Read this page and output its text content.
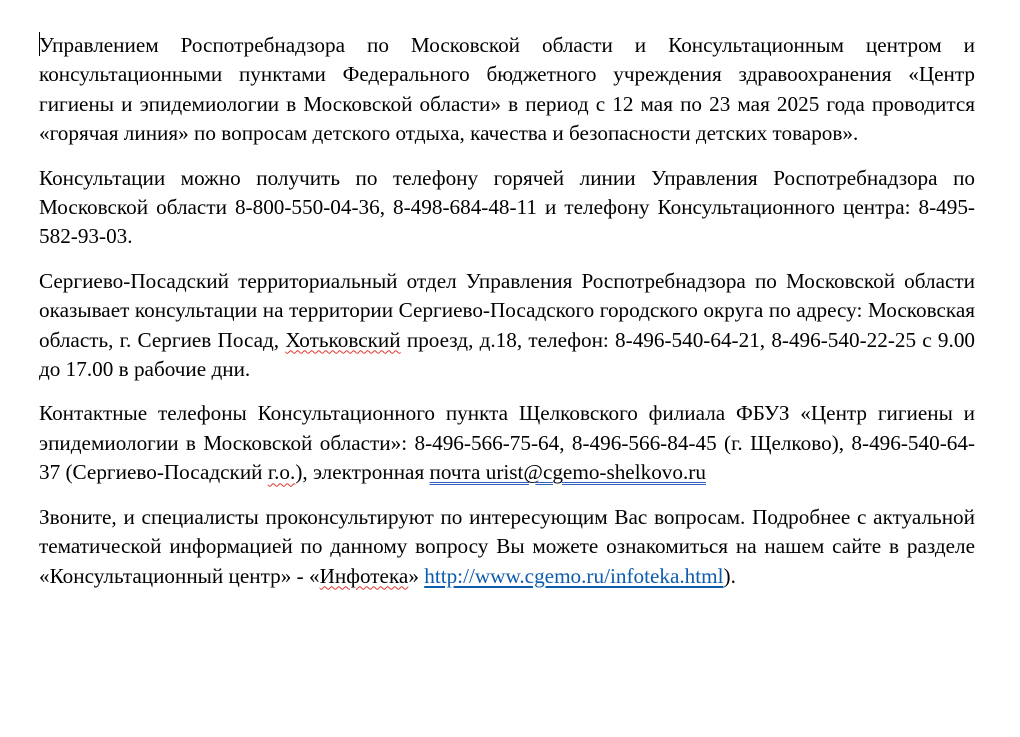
Управлением Роспотребнадзора по Московской области и Консультационным центром и консультационными пунктами Федерального бюджетного учреждения здравоохранения «Центр гигиены и эпидемиологии в Московской области» в период с 12 мая по 23 мая 2025 года проводится «горячая линия» по вопросам детского отдыха, качества и безопасности детских товаров».

Консультации можно получить по телефону горячей линии Управления Роспотребнадзора по Московской области 8-800-550-04-36, 8-498-684-48-11 и телефону Консультационного центра: 8-495-582-93-03.

Сергиево-Посадский территориальный отдел Управления Роспотребнадзора по Московской области оказывает консультации на территории Сергиево-Посадского городского округа по адресу: Московская область, г. Сергиев Посад, Хотьковский проезд, д.18, телефон: 8-496-540-64-21, 8-496-540-22-25 с 9.00 до 17.00 в рабочие дни.

Контактные телефоны Консультационного пункта Щелковского филиала ФБУЗ «Центр гигиены и эпидемиологии в Московской области»: 8-496-566-75-64, 8-496-566-84-45 (г. Щелково), 8-496-540-64-37 (Сергиево-Посадский г.о.), электронная почта urist@cgemo-shelkovo.ru

Звоните, и специалисты проконсультируют по интересующим Вас вопросам. Подробнее с актуальной тематической информацией по данному вопросу Вы можете ознакомиться на нашем сайте в разделе «Консультационный центр» - «Инфотека» http://www.cgemo.ru/infoteka.html).
